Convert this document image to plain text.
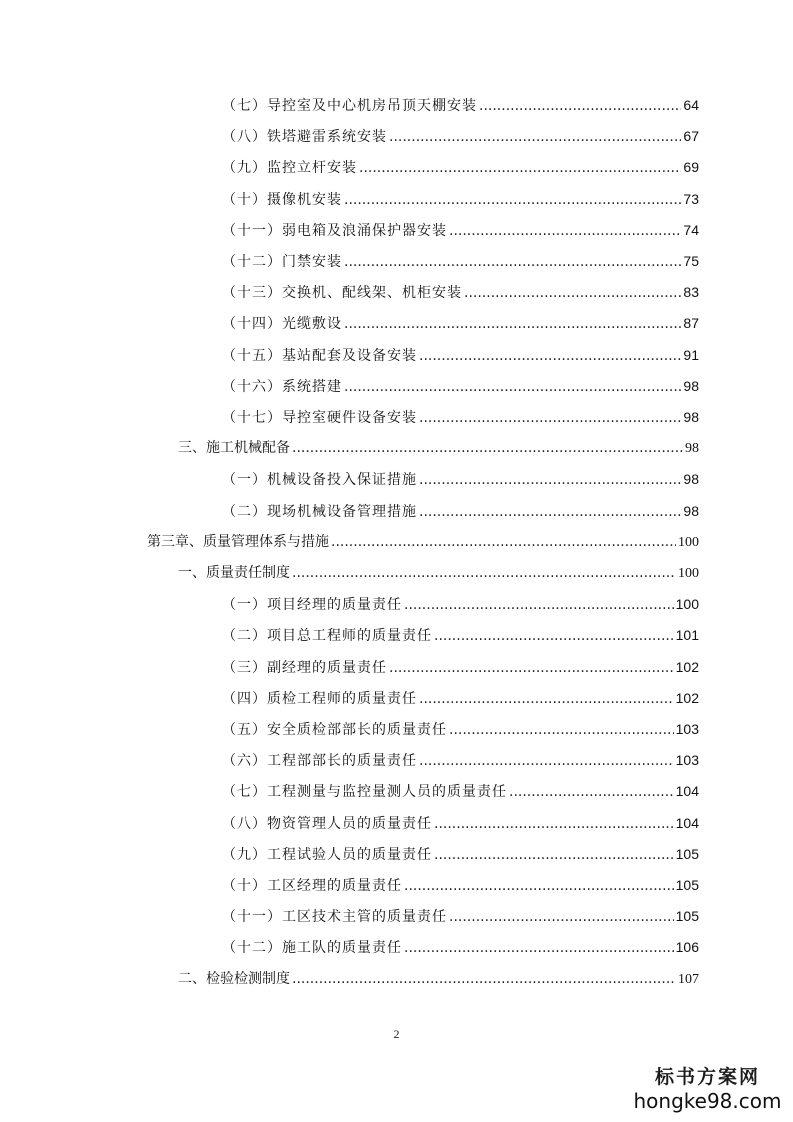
（七）导控室及中心机房吊顶天棚安装 .....	64
（八）铁塔避雷系统安装 .....	67
（九）监控立杆安装 .....	69
（十）摄像机安装 .....	73
（十一）弱电箱及浪涌保护器安装 .....	74
（十二）门禁安装 .....	75
（十三）交换机、配线架、机柜安装 .....	83
（十四）光缆敷设 .....	87
（十五）基站配套及设备安装 .....	91
（十六）系统搭建 .....	98
（十七）导控室硬件设备安装 .....	98
三、施工机械配备 .....	98
（一）机械设备投入保证措施 .....	98
（二）现场机械设备管理措施 .....	98
第三章、质量管理体系与措施 .....	100
一、质量责任制度 .....	100
（一）项目经理的质量责任 .....	100
（二）项目总工程师的质量责任 .....	101
（三）副经理的质量责任 .....	102
（四）质检工程师的质量责任 .....	102
（五）安全质检部部长的质量责任 .....	103
（六）工程部部长的质量责任 .....	103
（七）工程测量与监控量测人员的质量责任 .....	104
（八）物资管理人员的质量责任 .....	104
（九）工程试验人员的质量责任 .....	105
（十）工区经理的质量责任 .....	105
（十一）工区技术主管的质量责任 .....	105
（十二）施工队的质量责任 .....	106
二、检验检测制度 .....	107
2
标书方案网
hongke98.com
